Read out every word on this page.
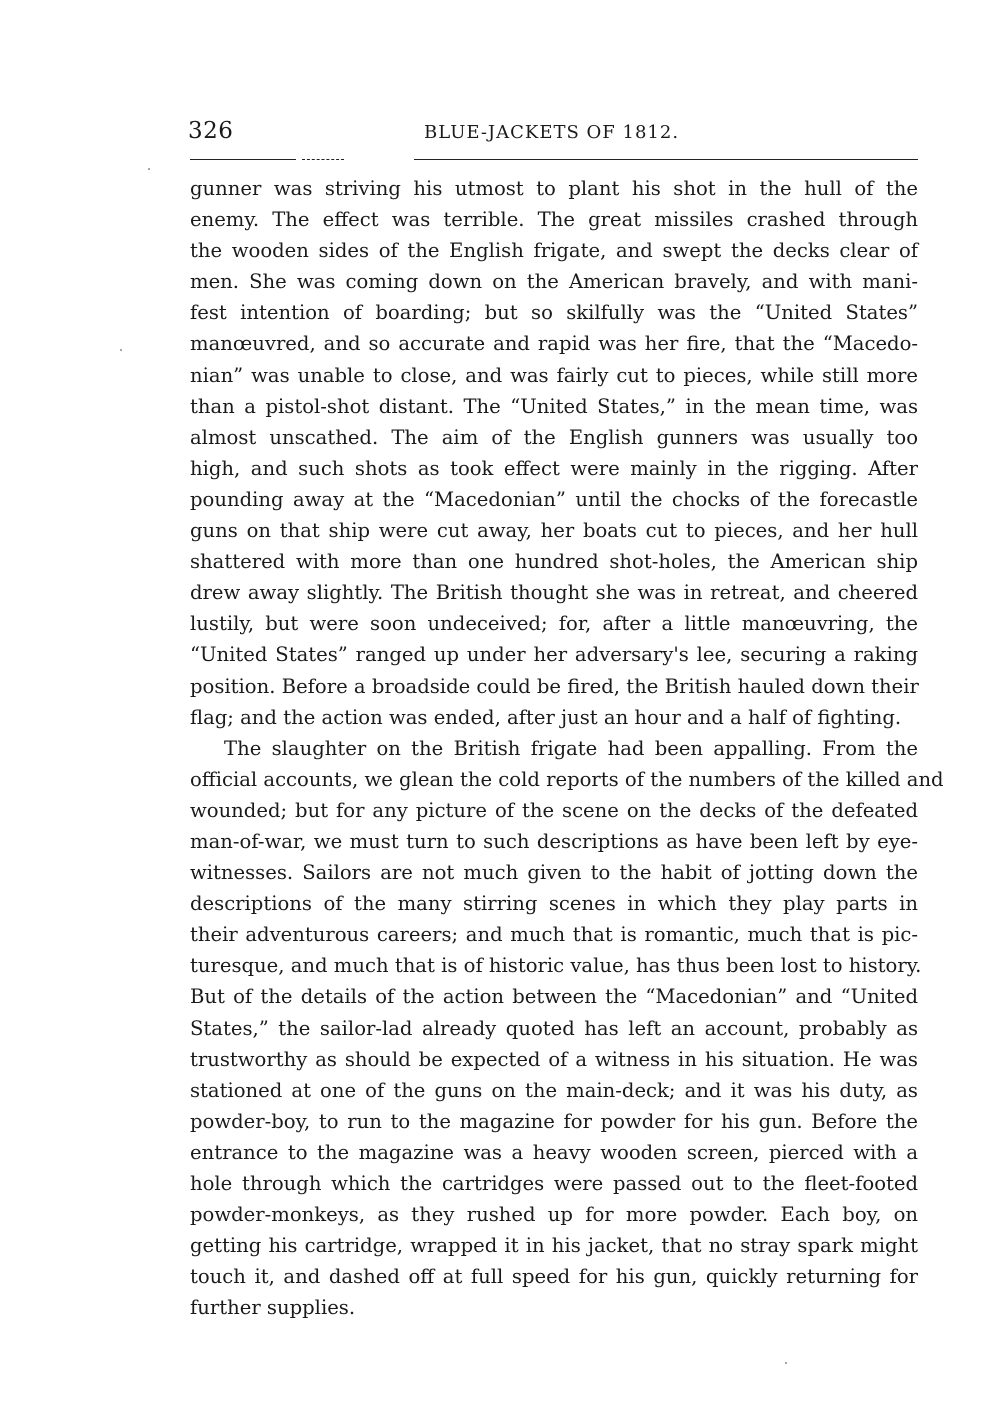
326	BLUE-JACKETS OF 1812.
gunner was striving his utmost to plant his shot in the hull of the
enemy. The effect was terrible. The great missiles crashed through
the wooden sides of the English frigate, and swept the decks clear of
men. She was coming down on the American bravely, and with mani-
fest intention of boarding; but so skilfully was the “United States”
manœuvred, and so accurate and rapid was her fire, that the “Macedo-
nian” was unable to close, and was fairly cut to pieces, while still more
than a pistol-shot distant. The “United States,” in the mean time, was
almost unscathed. The aim of the English gunners was usually too
high, and such shots as took effect were mainly in the rigging. After
pounding away at the “Macedonian” until the chocks of the forecastle
guns on that ship were cut away, her boats cut to pieces, and her hull
shattered with more than one hundred shot-holes, the American ship
drew away slightly. The British thought she was in retreat, and cheered
lustily, but were soon undeceived; for, after a little manœuvring, the
“United States” ranged up under her adversary's lee, securing a raking
position. Before a broadside could be fired, the British hauled down their
flag; and the action was ended, after just an hour and a half of fighting.
The slaughter on the British frigate had been appalling. From the
official accounts, we glean the cold reports of the numbers of the killed and
wounded; but for any picture of the scene on the decks of the defeated
man-of-war, we must turn to such descriptions as have been left by eye-
witnesses. Sailors are not much given to the habit of jotting down the
descriptions of the many stirring scenes in which they play parts in
their adventurous careers; and much that is romantic, much that is pic-
turesque, and much that is of historic value, has thus been lost to history.
But of the details of the action between the “Macedonian” and “United
States,” the sailor-lad already quoted has left an account, probably as
trustworthy as should be expected of a witness in his situation. He was
stationed at one of the guns on the main-deck; and it was his duty, as
powder-boy, to run to the magazine for powder for his gun. Before the
entrance to the magazine was a heavy wooden screen, pierced with a
hole through which the cartridges were passed out to the fleet-footed
powder-monkeys, as they rushed up for more powder. Each boy, on
getting his cartridge, wrapped it in his jacket, that no stray spark might
touch it, and dashed off at full speed for his gun, quickly returning for
further supplies.
